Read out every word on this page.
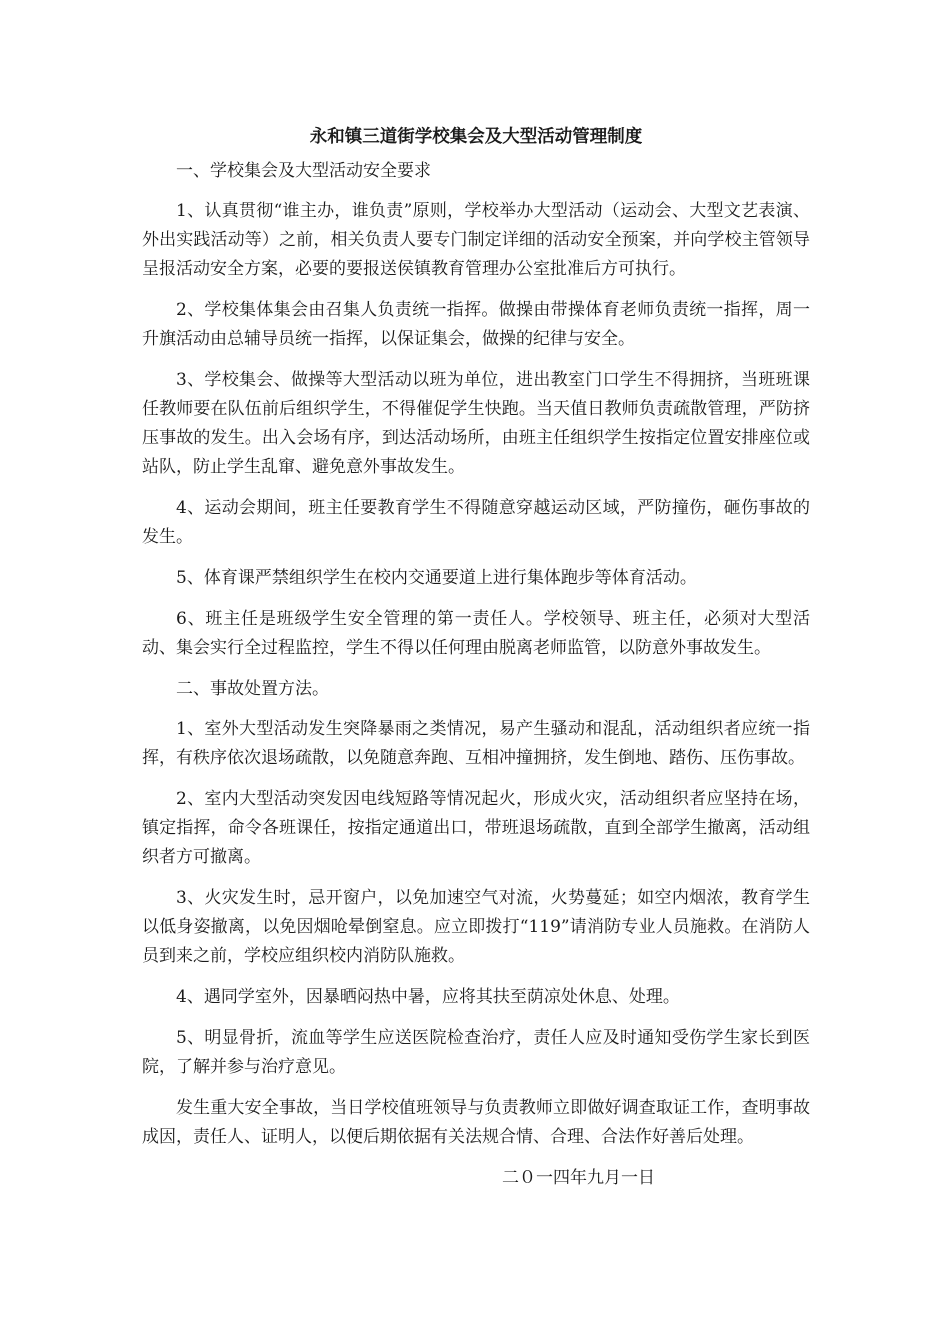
永和镇三道街学校集会及大型活动管理制度
一、学校集会及大型活动安全要求

1、认真贯彻“谁主办，谁负责”原则，学校举办大型活动（运动会、大型文艺表演、外出实践活动等）之前，相关负责人要专门制定详细的活动安全预案，并向学校主管领导呈报活动安全方案，必要的要报送侯镇教育管理办公室批准后方可执行。

2、学校集体集会由召集人负责统一指挥。做操由带操体育老师负责统一指挥，周一升旗活动由总辅导员统一指挥，以保证集会，做操的纪律与安全。

3、学校集会、做操等大型活动以班为单位，进出教室门口学生不得拥挤，当班班课任教师要在队伍前后组织学生，不得催促学生快跑。当天值日教师负责疏散管理，严防挤压事故的发生。出入会场有序，到达活动场所，由班主任组织学生按指定位置安排座位或站队，防止学生乱窜、避免意外事故发生。

4、运动会期间，班主任要教育学生不得随意穿越运动区域，严防撞伤，砸伤事故的发生。

5、体育课严禁组织学生在校内交通要道上进行集体跑步等体育活动。

6、班主任是班级学生安全管理的第一责任人。学校领导、班主任，必须对大型活动、集会实行全过程监控，学生不得以任何理由脱离老师监管，以防意外事故发生。

二、事故处置方法。

1、室外大型活动发生突降暴雨之类情况，易产生骚动和混乱，活动组织者应统一指挥，有秩序依次退场疏散，以免随意奔跑、互相冲撞拥挤，发生倒地、踏伤、压伤事故。

2、室内大型活动突发因电线短路等情况起火，形成火灾，活动组织者应坚持在场，镇定指挥，命令各班课任，按指定通道出口，带班退场疏散，直到全部学生撤离，活动组织者方可撤离。

3、火灾发生时，忌开窗户，以免加速空气对流，火势蔓延；如空内烟浓，教育学生以低身姿撤离，以免因烟呛晕倒窒息。应立即拨打“119”请消防专业人员施救。在消防人员到来之前，学校应组织校内消防队施救。

4、遇同学室外，因暴晒闷热中暑，应将其扶至荫凉处休息、处理。

5、明显骨折，流血等学生应送医院检查治疗，责任人应及时通知受伤学生家长到医院，了解并参与治疗意见。

发生重大安全事故，当日学校值班领导与负责教师立即做好调查取证工作，查明事故成因，责任人、证明人，以便后期依据有关法规合情、合理、合法作好善后处理。

二０一四年九月一日
